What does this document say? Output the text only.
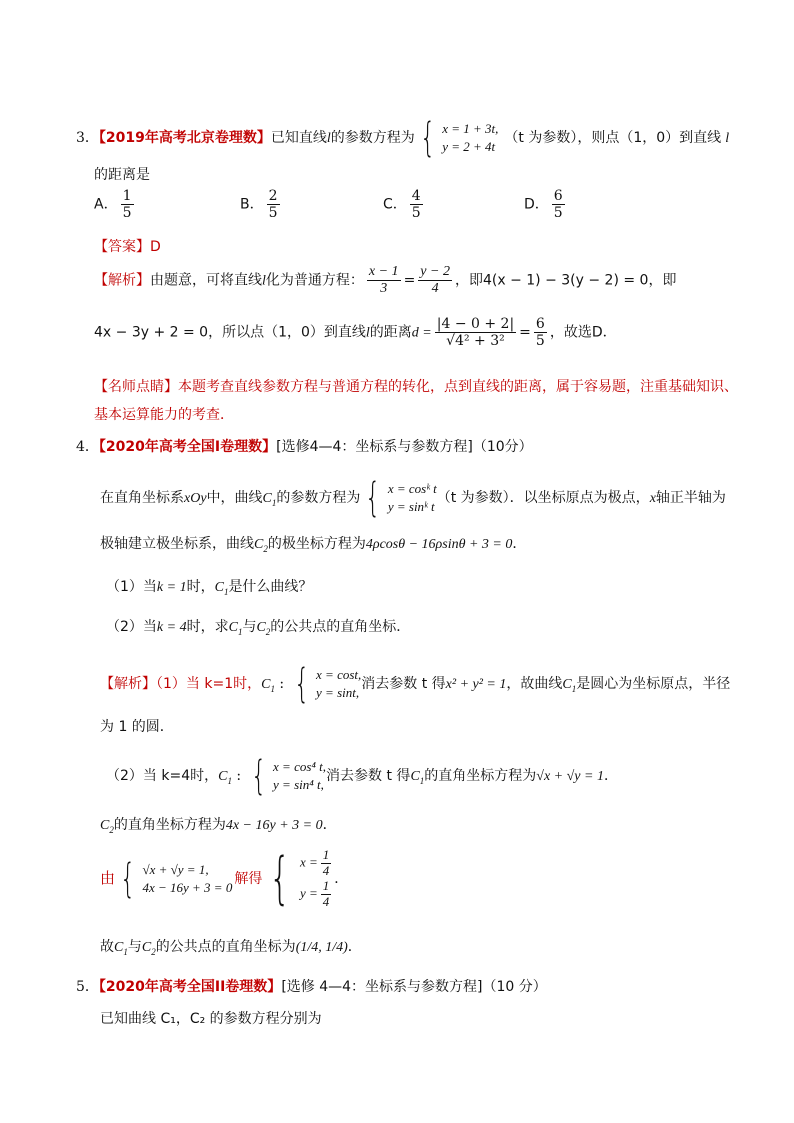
3．【2019年高考北京卷理数】已知直线l的参数方程为 { x = 1 + 3t,
y = 2 + 4t
（t 为参数），则点（1，0）到直线 l
的距离是
A． $\frac{1}{5}$	B． $\frac{2}{5}$	C． $\frac{4}{5}$	D． $\frac{6}{5}$
【答案】D
【解析】由题意，可将直线l化为普通方程： $\frac{x - 1}{3} = \frac{y - 2}{4}$ ，即4(x − 1) − 3(y − 2) = 0，即
4x − 3y + 2 = 0，所以点（1，0）到直线l的距离$d = \frac{|4 - 0 + 2|}{\text{√4² + 3²}} = \frac{6}{5}$ ，故选D．
【名师点睛】本题考查直线参数方程与普通方程的转化，点到直线的距离，属于容易题，注重基础知识、
基本运算能力的考查．
4．【2020年高考全国Ⅰ卷理数】[选修4—4：坐标系与参数方程]（10分）
在直角坐标系xOy中，曲线$C_1$的参数方程为 { x = cosᵏ t
y = sinᵏ t
（t 为参数）．以坐标原点为极点，x轴正半轴为
极轴建立极坐标系，曲线$C_2$的极坐标方程为4ρcosθ − 16ρsinθ + 3 = 0．
（1）当k = 1时，$C_1$是什么曲线？
（2）当k = 4时，求$C_1$与$C_2$的公共点的直角坐标．
【解析】（1）当 k=1时，$C_1$ : { x = cost,
y = sint,
消去参数 t 得x² + y² = 1，故曲线$C_1$是圆心为坐标原点，半径
为 1 的圆．
（2）当 k=4时，$C_1$ : { x = cos⁴ t,
y = sin⁴ t,
消去参数 t 得$C_1$的直角坐标方程为√x + √y = 1．
$C_2$的直角坐标方程为4x − 16y + 3 = 0．
由 { √x + √y = 1,
4x − 16y + 3 = 0
解得 { $x = \frac{1}{4}$
$y = \frac{1}{4}$ ．
故$C_1$与$C_2$的公共点的直角坐标为(1/4, 1/4)．
5．【2020年高考全国II卷理数】[选修 4—4：坐标系与参数方程]（10 分）
已知曲线 C₁，C₂ 的参数方程分别为
